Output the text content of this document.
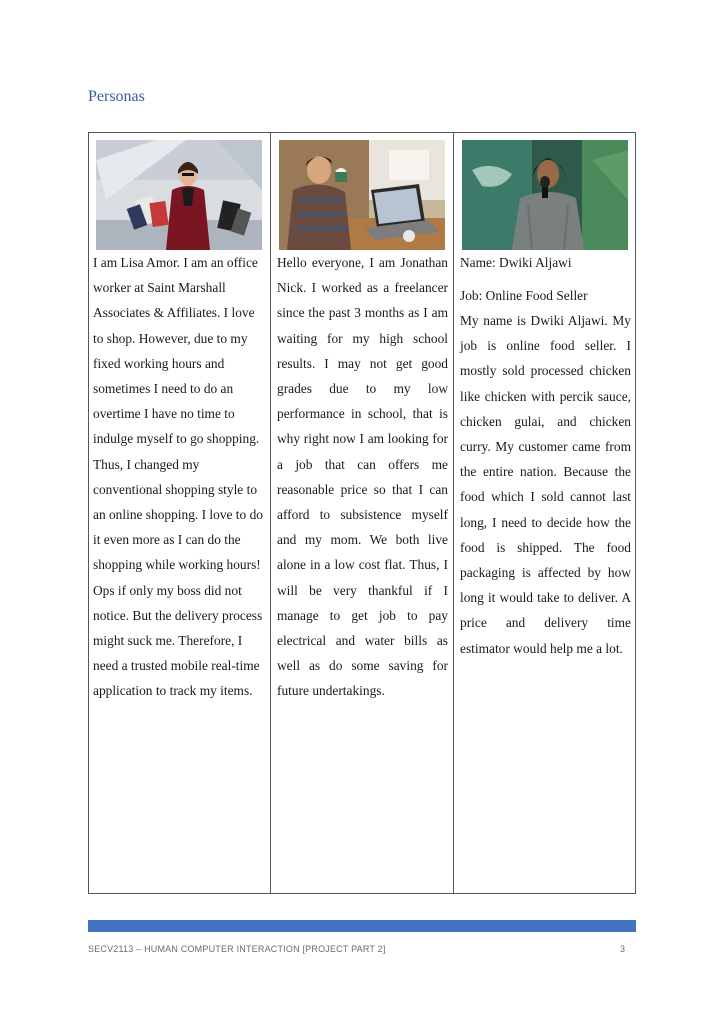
Personas
I am Lisa Amor. I am an office worker at Saint Marshall Associates & Affiliates. I love to shop. However, due to my fixed working hours and sometimes I need to do an overtime I have no time to indulge myself to go shopping. Thus, I changed my conventional shopping style to an online shopping. I love to do it even more as I can do the shopping while working hours! Ops if only my boss did not notice. But the delivery process might suck me. Therefore, I need a trusted mobile real-time application to track my items.
Hello everyone, I am Jonathan Nick. I worked as a freelancer since the past 3 months as I am waiting for my high school results. I may not get good grades due to my low performance in school, that is why right now I am looking for a job that can offers me reasonable price so that I can afford to subsistence myself and my mom. We both live alone in a low cost flat. Thus, I will be very thankful if I manage to get job to pay electrical and water bills as well as do some saving for future undertakings.
Name: Dwiki Aljawi
Job: Online Food Seller
My name is Dwiki Aljawi. My job is online food seller. I mostly sold processed chicken like chicken with percik sauce, chicken gulai, and chicken curry. My customer came from the entire nation. Because the food which I sold cannot last long, I need to decide how the food is shipped. The food packaging is affected by how long it would take to deliver. A price and delivery time estimator would help me a lot.
SECV2113 – HUMAN COMPUTER INTERACTION [PROJECT PART 2]	3
